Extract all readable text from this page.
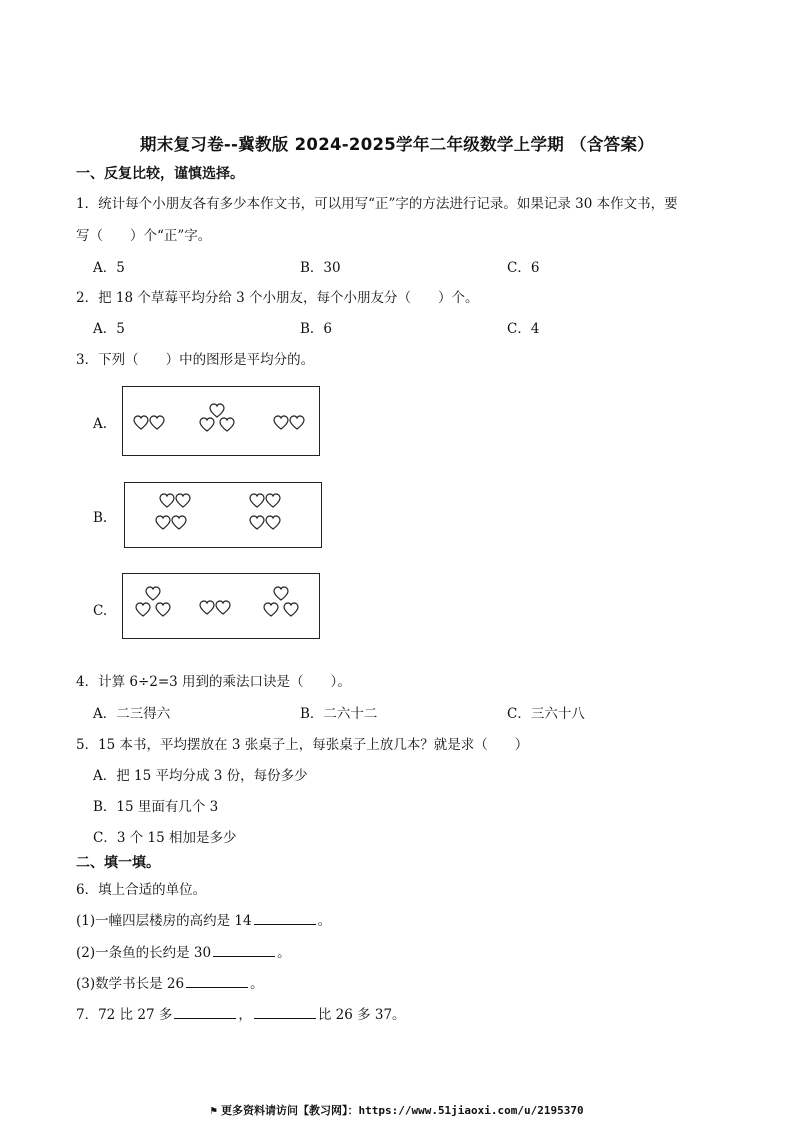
期末复习卷--冀教版 2024-2025学年二年级数学上学期 （含答案）
一、反复比较，谨慎选择。
1．统计每个小朋友各有多少本作文书，可以用写“正”字的方法进行记录。如果记录 30 本作文书，要
写（　　）个“正”字。
A．5	B．30	C．6
2．把 18 个草莓平均分给 3 个小朋友，每个小朋友分（　　）个。
A．5	B．6	C．4
3．下列（　　）中的图形是平均分的。
A.
B.
C.
4．计算 6÷2=3 用到的乘法口诀是（　　）。
A．二三得六	B．二六十二	C．三六十八
5．15 本书，平均摆放在 3 张桌子上，每张桌子上放几本？就是求（　　）
A．把 15 平均分成 3 份，每份多少
B．15 里面有几个 3
C．3 个 15 相加是多少
二、填一填。
6．填上合适的单位。
(1)一幢四层楼房的高约是 14	。
(2)一条鱼的长约是 30	。
(3)数学书长是 26	。
7．72 比 27 多	，	比 26 多 37。
⚑ 更多资料请访问【教习网】：https://www.51jiaoxi.com/u/2195370
